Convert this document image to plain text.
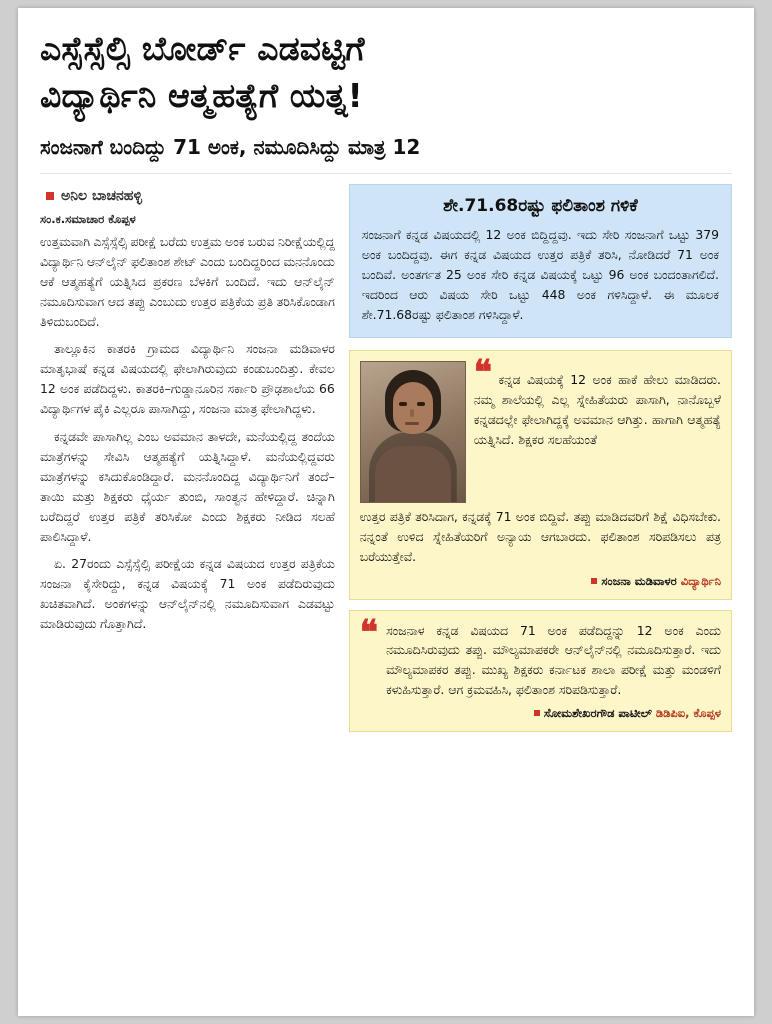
ಎಸ್ಸೆಸ್ಸೆಲ್ಸಿ ಬೋರ್ಡ್ ಎಡವಟ್ಟಿಗೆ
ವಿದ್ಯಾರ್ಥಿನಿ ಆತ್ಮಹತ್ಯೆಗೆ ಯತ್ನ!
ಸಂಜನಾಗೆ ಬಂದಿದ್ದು 71 ಅಂಕ, ನಮೂದಿಸಿದ್ದು ಮಾತ್ರ 12
ಅನಿಲ ಬಾಚನಹಳ್ಳಿ
ಸಂ.ಕ.ಸಮಾಚಾರ ಕೊಪ್ಪಳ

ಉತ್ತಮವಾಗಿ ಎಸ್ಸೆಸ್ಸೆಲ್ಸಿ ಪರೀಕ್ಷೆ ಬರೆದು ಉತ್ತಮ ಅಂಕ ಬರುವ ನಿರೀಕ್ಷೆಯಲ್ಲಿದ್ದ ವಿದ್ಯಾರ್ಥಿನಿ ಆನ್‌ಲೈನ್ ಫಲಿತಾಂಶ ಶೇಟ್ ಎಂದು ಬಂದಿದ್ದರಿಂದ ಮನನೊಂದು ಆಕೆ ಆತ್ಮಹತ್ಯೆಗೆ ಯತ್ನಿಸಿದ ಪ್ರಕರಣ ಬೆಳಕಿಗೆ ಬಂದಿದೆ. ಇದು ಆನ್‌ಲೈನ್ ನಮೂದಿಸುವಾಗ ಆದ ತಪ್ಪು ಎಂಬುದು ಉತ್ತರ ಪತ್ರಿಕೆಯ ಪ್ರತಿ ತರಿಸಿಕೊಂಡಾಗ ತಿಳಿದುಬಂದಿದೆ.

ತಾಲ್ಲೂಕಿನ ಕಾತರಕಿ ಗ್ರಾಮದ ವಿದ್ಯಾರ್ಥಿನಿ ಸಂಜನಾ ಮಡಿವಾಳರ ಮಾತೃಭಾಷೆ ಕನ್ನಡ ವಿಷಯದಲ್ಲಿ ಫೇಲಾಗಿರುವುದು ಕಂಡುಬಂದಿತ್ತು. ಕೇವಲ 12 ಅಂಕ ಪಡೆದಿದ್ದಳು. ಕಾತರಕಿ–ಗುಡ್ಡಾನೂರಿನ ಸರ್ಕಾರಿ ಪ್ರೌಢಶಾಲೆಯ 66 ವಿದ್ಯಾರ್ಥಿಗಳ ಪೈಕಿ ಎಲ್ಲರೂ ಪಾಸಾಗಿದ್ದು, ಸಂಜನಾ ಮಾತ್ರ ಫೇಲಾಗಿದ್ದಳು.

ಕನ್ನಡವೇ ಪಾಸಾಗಿಲ್ಲ ಎಂಬ ಅವಮಾನ ತಾಳದೇ, ಮನೆಯಲ್ಲಿದ್ದ ತಂದೆಯ ಮಾತ್ರೆಗಳನ್ನು ಸೇವಿಸಿ ಆತ್ಮಹತ್ಯೆಗೆ ಯತ್ನಿಸಿದ್ದಾಳೆ. ಮನೆಯಲ್ಲಿದ್ದವರು ಮಾತ್ರೆಗಳನ್ನು ಕಸಿದುಕೊಂಡಿದ್ದಾರೆ. ಮನನೊಂದಿದ್ದ ವಿದ್ಯಾರ್ಥಿನಿಗೆ ತಂದೆ–ತಾಯಿ ಮತ್ತು ಶಿಕ್ಷಕರು ಧೈರ್ಯ ತುಂಬಿ, ಸಾಂತ್ವನ ಹೇಳಿದ್ದಾರೆ. ಚಿನ್ನಾಗಿ ಬರೆದಿದ್ದರೆ ಉತ್ತರ ಪತ್ರಿಕೆ ತರಿಸಿಕೋ ಎಂದು ಶಿಕ್ಷಕರು ನೀಡಿದ ಸಲಹೆ ಪಾಲಿಸಿದ್ದಾಳೆ.

ಏ. 27ರಂದು ಎಸ್ಸೆಸ್ಸೆಲ್ಸಿ ಪರೀಕ್ಷೆಯ ಕನ್ನಡ ವಿಷಯದ ಉತ್ತರ ಪತ್ರಿಕೆಯ ಸಂಜನಾ ಕೈಸೇರಿದ್ದು, ಕನ್ನಡ ವಿಷಯಕ್ಕೆ 71 ಅಂಕ ಪಡೆದಿರುವುದು ಖಚಿತವಾಗಿದೆ. ಅಂಕಗಳನ್ನು ಆನ್‌ಲೈನ್‌ನಲ್ಲಿ ನಮೂದಿಸುವಾಗ ಎಡವಟ್ಟು ಮಾಡಿರುವುದು ಗೊತ್ತಾಗಿದೆ.

ಶೇ.71.68ರಷ್ಟು ಫಲಿತಾಂಶ ಗಳಿಕೆ
ಸಂಜನಾಗೆ ಕನ್ನಡ ವಿಷಯದಲ್ಲಿ 12 ಅಂಕ ಬಿದ್ದಿದ್ದವು. ಇದು ಸೇರಿ ಸಂಜನಾಗೆ ಒಟ್ಟು 379 ಅಂಕ ಬಂದಿದ್ದವು. ಈಗ ಕನ್ನಡ ವಿಷಯದ ಉತ್ತರ ಪತ್ರಿಕೆ ತರಿಸಿ, ನೋಡಿದರೆ 71 ಅಂಕ ಬಂದಿವೆ. ಅಂತರ್ಗತ 25 ಅಂಕ ಸೇರಿ ಕನ್ನಡ ವಿಷಯಕ್ಕೆ ಒಟ್ಟು 96 ಅಂಕ ಬಂದಂತಾಗಲಿದೆ. ಇದರಿಂದ ಆರು ವಿಷಯ ಸೇರಿ ಒಟ್ಟು 448 ಅಂಕ ಗಳಿಸಿದ್ದಾಳೆ. ಈ ಮೂಲಕ ಶೇ.71.68ರಷ್ಟು ಫಲಿತಾಂಶ ಗಳಿಸಿದ್ದಾಳೆ.
❝ ಕನ್ನಡ ವಿಷಯಕ್ಕೆ 12 ಅಂಕ ಹಾಕೆ ಹೇಲು ಮಾಡಿದರು. ನಮ್ಮ ಶಾಲೆಯಲ್ಲಿ ಎಲ್ಲ ಸ್ನೇಹಿತೆಯರು ಪಾಸಾಗಿ, ನಾನೊಬ್ಬಳೆ ಕನ್ನಡದಲ್ಲೇ ಫೇಲಾಗಿದ್ದಕ್ಕೆ ಅವಮಾನ ಆಗಿತ್ತು. ಹಾಗಾಗಿ ಆತ್ಮಹತ್ಯೆ ಯತ್ನಿಸಿದೆ. ಶಿಕ್ಷಕರ ಸಲಹೆಯಂತೆ
ಉತ್ತರ ಪತ್ರಿಕೆ ತರಿಸಿದಾಗ, ಕನ್ನಡಕ್ಕೆ 71 ಅಂಕ ಬಿದ್ದಿವೆ. ತಪ್ಪು ಮಾಡಿದವರಿಗೆ ಶಿಕ್ಷೆ ವಿಧಿಸಬೇಕು. ನನ್ನಂತೆ ಉಳಿದ ಸ್ನೇಹಿತೆಯರಿಗೆ ಅನ್ಯಾಯ ಆಗಬಾರದು. ಫಲಿತಾಂಶ ಸರಿಪಡಿಸಲು ಪತ್ರ ಬರೆಯುತ್ತೇವೆ.
ಸಂಜನಾ ಮಡಿವಾಳರ ವಿದ್ಯಾರ್ಥಿನಿ
❝ ಸಂಜನಾಳ ಕನ್ನಡ ವಿಷಯದ 71 ಅಂಕ ಪಡೆದಿದ್ದನ್ನು 12 ಅಂಕ ಎಂದು ನಮೂದಿಸಿರುವುದು ತಪ್ಪು. ಮೌಲ್ಯಮಾಪಕರೇ ಆನ್‌ಲೈನ್‌ನಲ್ಲಿ ನಮೂದಿಸುತ್ತಾರೆ. ಇದು ಮೌಲ್ಯಮಾಪಕರ ತಪ್ಪು. ಮುಖ್ಯ ಶಿಕ್ಷಕರು ಕರ್ನಾಟಕ ಶಾಲಾ ಪರೀಕ್ಷೆ ಮತ್ತು ಮಂಡಳಿಗೆ ಕಳುಹಿಸುತ್ತಾರೆ. ಆಗ ಕ್ರಮವಹಿಸಿ, ಫಲಿತಾಂಶ ಸರಿಪಡಿಸುತ್ತಾರೆ.
ಸೋಮಶೇಖರಗೌಡ ಪಾಟೀಲ್ ಡಿಡಿಪಿಐ, ಕೊಪ್ಪಳ
